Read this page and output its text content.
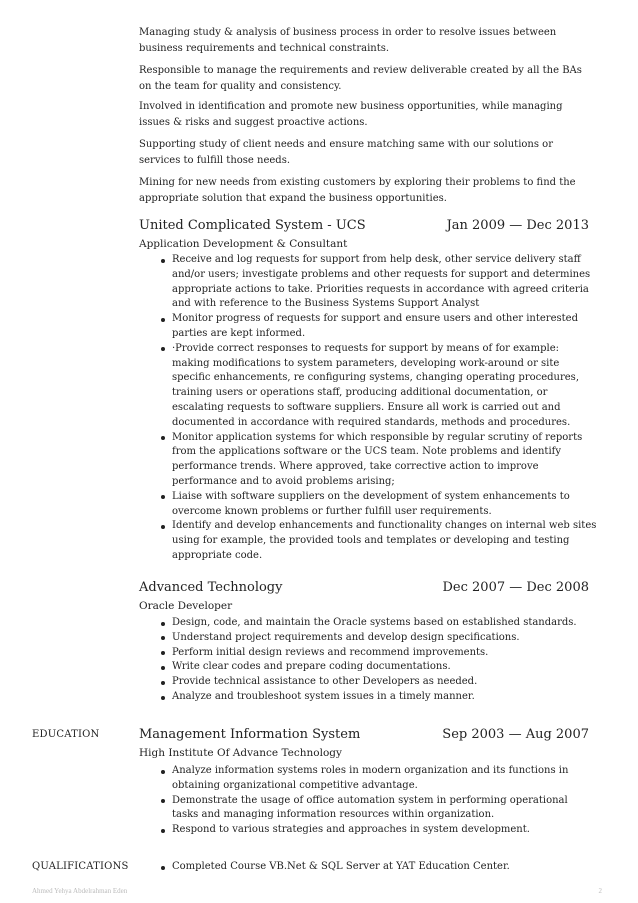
Managing study & analysis of business process in order to resolve issues between business requirements and technical constraints.

Responsible to manage the requirements and review deliverable created by all the BAs on the team for quality and consistency.

Involved in identification and promote new business opportunities, while managing issues & risks and suggest proactive actions.

Supporting study of client needs and ensure matching same with our solutions or services to fulfill those needs.

Mining for new needs from existing customers by exploring their problems to find the appropriate solution that expand the business opportunities.

United Complicated System - UCS	Jan 2009 — Dec 2013
Application Development & Consultant
Receive and log requests for support from help desk, other service delivery staff and/or users; investigate problems and other requests for support and determines appropriate actions to take. Priorities requests in accordance with agreed criteria and with reference to the Business Systems Support Analyst
Monitor progress of requests for support and ensure users and other interested parties are kept informed.
·Provide correct responses to requests for support by means of for example: making modifications to system parameters, developing work-around or site specific enhancements, re configuring systems, changing operating procedures, training users or operations staff, producing additional documentation, or escalating requests to software suppliers. Ensure all work is carried out and documented in accordance with required standards, methods and procedures.
Monitor application systems for which responsible by regular scrutiny of reports from the applications software or the UCS team. Note problems and identify performance trends. Where approved, take corrective action to improve performance and to avoid problems arising;
Liaise with software suppliers on the development of system enhancements to overcome known problems or further fulfill user requirements.
Identify and develop enhancements and functionality changes on internal web sites using for example, the provided tools and templates or developing and testing appropriate code.
Advanced Technology	Dec 2007 — Dec 2008
Oracle Developer
Design, code, and maintain the Oracle systems based on established standards.
Understand project requirements and develop design specifications.
Perform initial design reviews and recommend improvements.
Write clear codes and prepare coding documentations.
Provide technical assistance to other Developers as needed.
Analyze and troubleshoot system issues in a timely manner.
EDUCATION	Management Information System	Sep 2003 — Aug 2007
High Institute Of Advance Technology
Analyze information systems roles in modern organization and its functions in obtaining organizational competitive advantage.
Demonstrate the usage of office automation system in performing operational tasks and managing information resources within organization.
Respond to various strategies and approaches in system development.
QUALIFICATIONS	Completed Course VB.Net & SQL Server at YAT Education Center.
Ahmed Yehya Abdelrahman Eden	2
